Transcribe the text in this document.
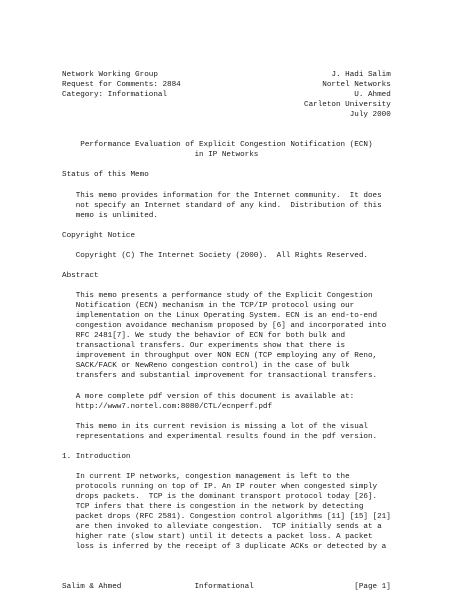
Network Working Group	J. Hadi Salim
Request for Comments: 2884	Nortel Networks
Category: Informational	U. Ahmed
Carleton University
July 2000

Performance Evaluation of Explicit Congestion Notification (ECN)
in IP Networks

Status of this Memo

This memo provides information for the Internet community.  It does
not specify an Internet standard of any kind.  Distribution of this
memo is unlimited.

Copyright Notice

Copyright (C) The Internet Society (2000).  All Rights Reserved.

Abstract

This memo presents a performance study of the Explicit Congestion
Notification (ECN) mechanism in the TCP/IP protocol using our
implementation on the Linux Operating System. ECN is an end-to-end
congestion avoidance mechanism proposed by [6] and incorporated into
RFC 2481[7]. We study the behavior of ECN for both bulk and
transactional transfers. Our experiments show that there is
improvement in throughput over NON ECN (TCP employing any of Reno,
SACK/FACK or NewReno congestion control) in the case of bulk
transfers and substantial improvement for transactional transfers.

A more complete pdf version of this document is available at:
http://www7.nortel.com:8080/CTL/ecnperf.pdf

This memo in its current revision is missing a lot of the visual
representations and experimental results found in the pdf version.

1. Introduction

In current IP networks, congestion management is left to the
protocols running on top of IP. An IP router when congested simply
drops packets.  TCP is the dominant transport protocol today [26].
TCP infers that there is congestion in the network by detecting
packet drops (RFC 2581). Congestion control algorithms [11] [15] [21]
are then invoked to alleviate congestion.  TCP initially sends at a
higher rate (slow start) until it detects a packet loss. A packet
loss is inferred by the receipt of 3 duplicate ACKs or detected by a

Salim & Ahmed	Informational	[Page 1]
